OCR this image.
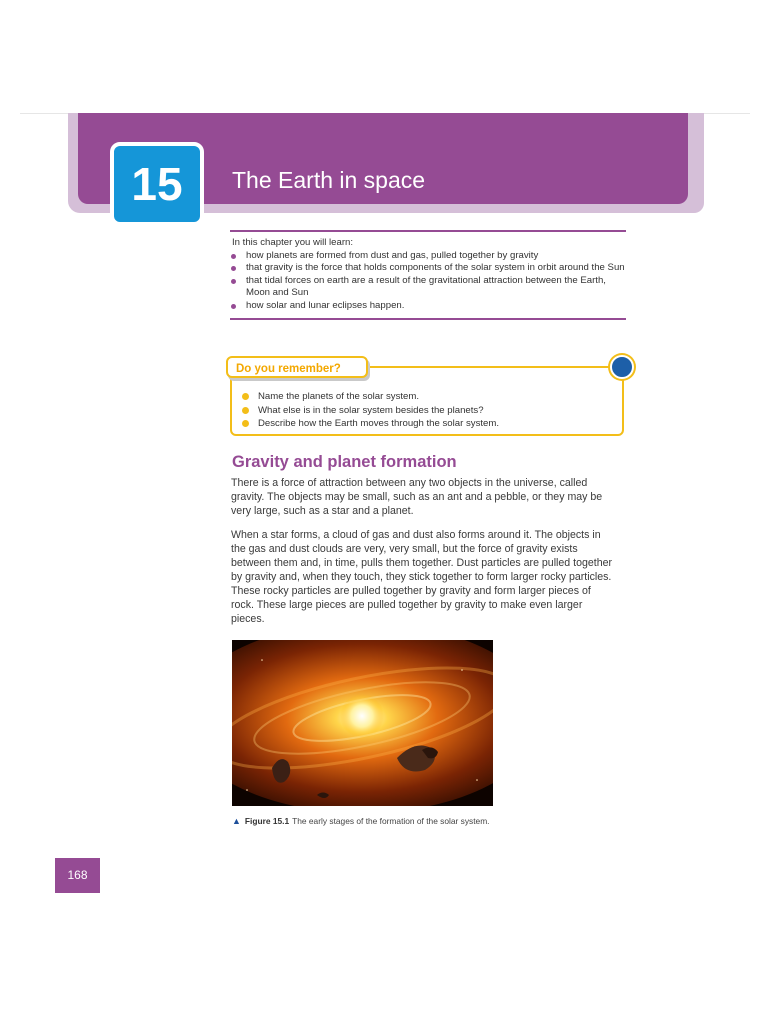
15	The Earth in space

In this chapter you will learn:

how planets are formed from dust and gas, pulled together by gravity
that gravity is the force that holds components of the solar system in orbit around the Sun
that tidal forces on earth are a result of the gravitational attraction between the Earth, Moon and Sun
how solar and lunar eclipses happen.
Do you remember?
Name the planets of the solar system.
What else is in the solar system besides the planets?
Describe how the Earth moves through the solar system.
Gravity and planet formation

There is a force of attraction between any two objects in the universe, called gravity. The objects may be small, such as an ant and a pebble, or they may be very large, such as a star and a planet.

When a star forms, a cloud of gas and dust also forms around it. The objects in the gas and dust clouds are very, very small, but the force of gravity exists between them and, in time, pulls them together. Dust particles are pulled together by gravity and, when they touch, they stick together to form larger rocky particles. These rocky particles are pulled together by gravity and form larger pieces of rock. These large pieces are pulled together by gravity to make even larger pieces.

▲ Figure 15.1 The early stages of the formation of the solar system.
168
